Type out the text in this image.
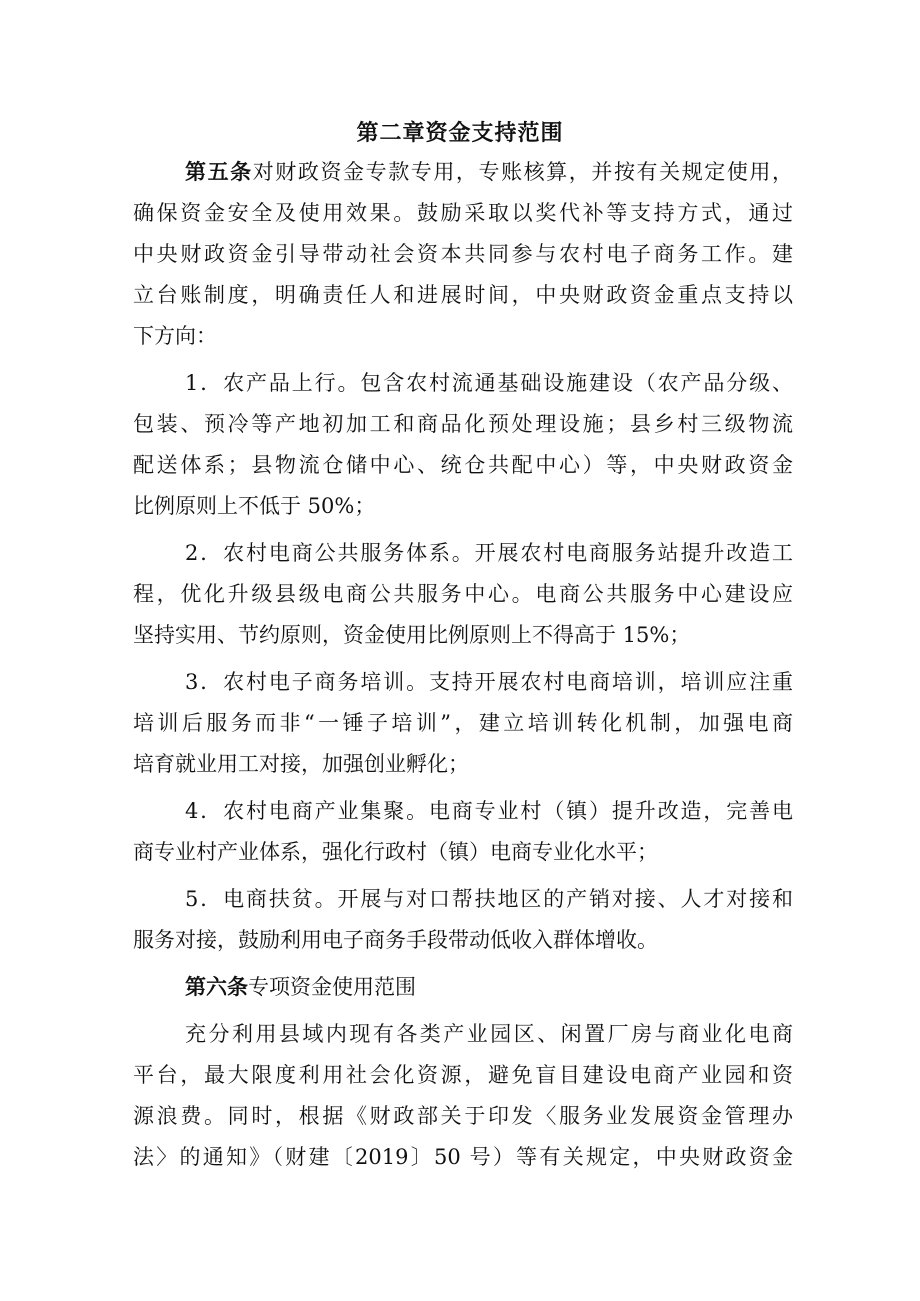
第二章资金支持范围
第五条对财政资金专款专用，专账核算，并按有关规定使用，
确保资金安全及使用效果。鼓励采取以奖代补等支持方式，通过
中央财政资金引导带动社会资本共同参与农村电子商务工作。建
立台账制度，明确责任人和进展时间，中央财政资金重点支持以
下方向：
1．农产品上行。包含农村流通基础设施建设（农产品分级、
包装、预冷等产地初加工和商品化预处理设施；县乡村三级物流
配送体系；县物流仓储中心、统仓共配中心）等，中央财政资金
比例原则上不低于 50%；
2．农村电商公共服务体系。开展农村电商服务站提升改造工
程，优化升级县级电商公共服务中心。电商公共服务中心建设应
坚持实用、节约原则，资金使用比例原则上不得高于 15%；
3．农村电子商务培训。支持开展农村电商培训，培训应注重
培训后服务而非“一锤子培训”，建立培训转化机制，加强电商
培育就业用工对接，加强创业孵化；
4．农村电商产业集聚。电商专业村（镇）提升改造，完善电
商专业村产业体系，强化行政村（镇）电商专业化水平；
5．电商扶贫。开展与对口帮扶地区的产销对接、人才对接和
服务对接，鼓励利用电子商务手段带动低收入群体增收。
第六条专项资金使用范围
充分利用县域内现有各类产业园区、闲置厂房与商业化电商
平台，最大限度利用社会化资源，避免盲目建设电商产业园和资
源浪费。同时，根据《财政部关于印发〈服务业发展资金管理办
法〉的通知》（财建〔2019〕50 号）等有关规定，中央财政资金
